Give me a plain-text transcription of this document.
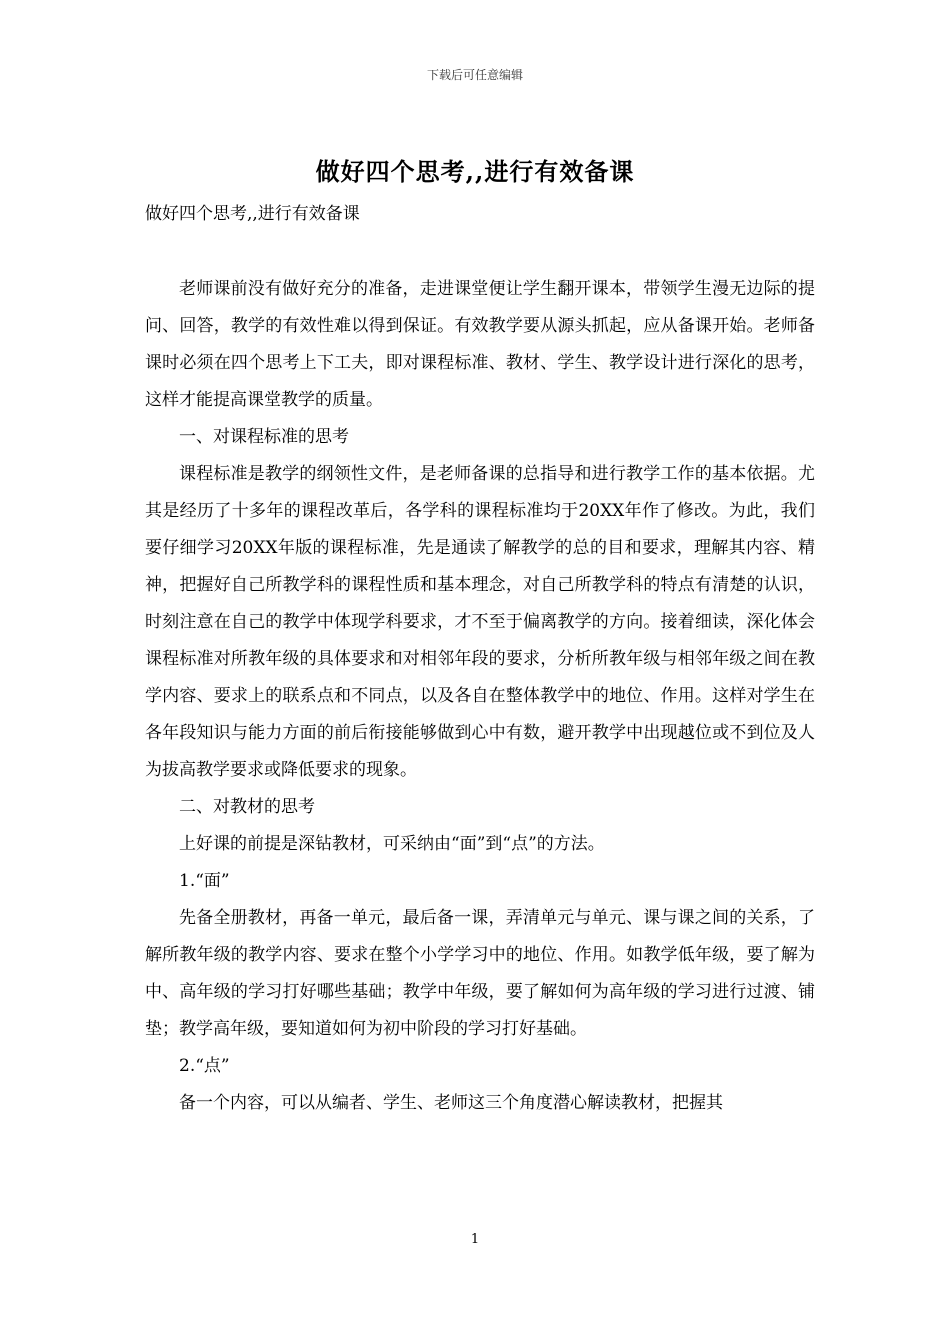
下载后可任意编辑
做好四个思考,,进行有效备课
做好四个思考,,进行有效备课

老师课前没有做好充分的准备，走进课堂便让学生翻开课本，带领学生漫无边际的提问、回答，教学的有效性难以得到保证。有效教学要从源头抓起，应从备课开始。老师备课时必须在四个思考上下工夫，即对课程标准、教材、学生、教学设计进行深化的思考，这样才能提高课堂教学的质量。

一、对课程标准的思考

课程标准是教学的纲领性文件，是老师备课的总指导和进行教学工作的基本依据。尤其是经历了十多年的课程改革后，各学科的课程标准均于20XX年作了修改。为此，我们要仔细学习20XX年版的课程标准，先是通读了解教学的总的目和要求，理解其内容、精神，把握好自己所教学科的课程性质和基本理念，对自己所教学科的特点有清楚的认识，时刻注意在自己的教学中体现学科要求，才不至于偏离教学的方向。接着细读，深化体会课程标准对所教年级的具体要求和对相邻年段的要求，分析所教年级与相邻年级之间在教学内容、要求上的联系点和不同点，以及各自在整体教学中的地位、作用。这样对学生在各年段知识与能力方面的前后衔接能够做到心中有数，避开教学中出现越位或不到位及人为拔高教学要求或降低要求的现象。

二、对教材的思考

上好课的前提是深钻教材，可采纳由“面”到“点”的方法。

1.“面”

先备全册教材，再备一单元，最后备一课，弄清单元与单元、课与课之间的关系，了解所教年级的教学内容、要求在整个小学学习中的地位、作用。如教学低年级，要了解为中、高年级的学习打好哪些基础；教学中年级，要了解如何为高年级的学习进行过渡、铺垫；教学高年级，要知道如何为初中阶段的学习打好基础。

2.“点”

备一个内容，可以从编者、学生、老师这三个角度潜心解读教材，把握其

1
